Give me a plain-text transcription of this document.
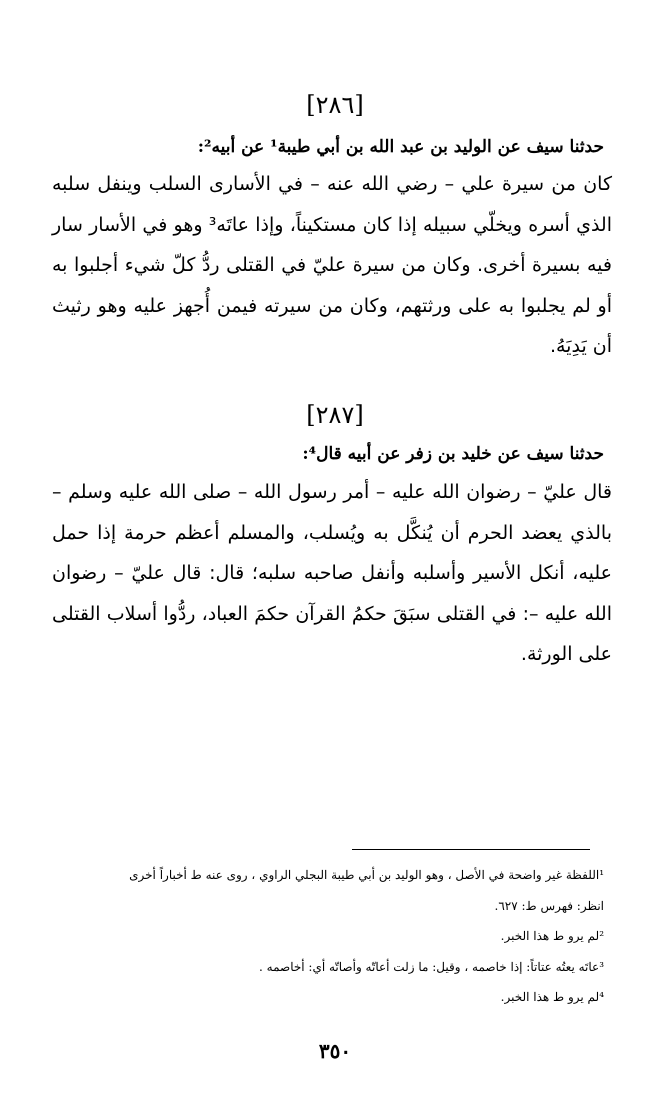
[٢٨٦]
حدثنا سيف عن الوليد بن عبد الله بن أبي طيبة¹ عن أبيه²:
كان من سيرة علي – رضي الله عنه – في الأسارى السلب وينفل سلبه الذي أسره ويخلّي سبيله إذا كان مستكيناً، وإذا عاتَه³ وهو في الأسار سار فيه بسيرة أخرى. وكان من سيرة عليّ في القتلى ردُّ كلّ شيء أجلبوا به أو لم يجلبوا به على ورثتهم، وكان من سيرته فيمن أُجهز عليه وهو رثيث أن يَدِيَهُ.
[٢٨٧]
حدثنا سيف عن خليد بن زفر عن أبيه قال⁴:
قال عليّ – رضوان الله عليه – أمر رسول الله – صلى الله عليه وسلم – بالذي يعضد الحرم أن يُنكَّل به ويُسلب، والمسلم أعظم حرمة إذا حمل عليه، أنكل الأسير وأسلبه وأنفل صاحبه سلبه؛ قال: قال عليّ – رضوان الله عليه –: في القتلى سبَقَ حكمُ القرآن حكمَ العباد، ردُّوا أسلاب القتلى على الورثة.
¹اللفظة غير واضحة في الأصل ، وهو الوليد بن أبي طيبة البجلي الراوي ، روى عنه ط أخباراً أخرى
انظر: فهرس ط: ٦٢٧.
²لم يرو ط هذا الخبر.
³عاتَه يعتُه عتاتاً: إذا خاصمه ، وقيل: ما زلت أعاتّه وأصاتّه أي: أخاصمه .
⁴لم يرو ط هذا الخبر.
٣٥٠
